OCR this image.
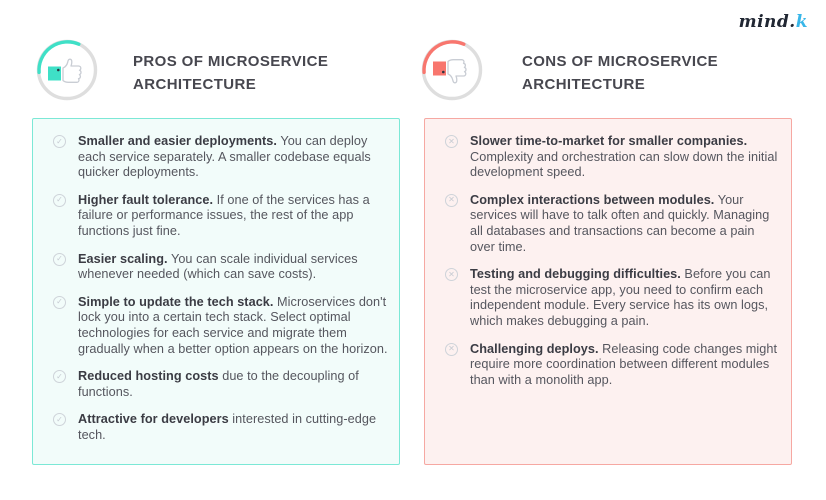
mind.k
PROS OF MICROSERVICE
ARCHITECTURE
CONS OF MICROSERVICE
ARCHITECTURE
✓ Smaller and easier deployments. You can deploy each service separately. A smaller codebase equals quicker deployments.
✓ Higher fault tolerance. If one of the services has a failure or performance issues, the rest of the app functions just fine.
✓ Easier scaling. You can scale individual services whenever needed (which can save costs).
✓ Simple to update the tech stack. Microservices don't lock you into a certain tech stack. Select optimal technologies for each service and migrate them gradually when a better option appears on the horizon.
✓ Reduced hosting costs due to the decoupling of functions.
✓ Attractive for developers interested in cutting-edge tech.
✕ Slower time-to-market for smaller companies. Complexity and orchestration can slow down the initial development speed.
✕ Complex interactions between modules. Your services will have to talk often and quickly. Managing all databases and transactions can become a pain over time.
✕ Testing and debugging difficulties. Before you can test the microservice app, you need to confirm each independent module. Every service has its own logs, which makes debugging a pain.
✕ Challenging deploys. Releasing code changes might require more coordination between different modules than with a monolith app.
